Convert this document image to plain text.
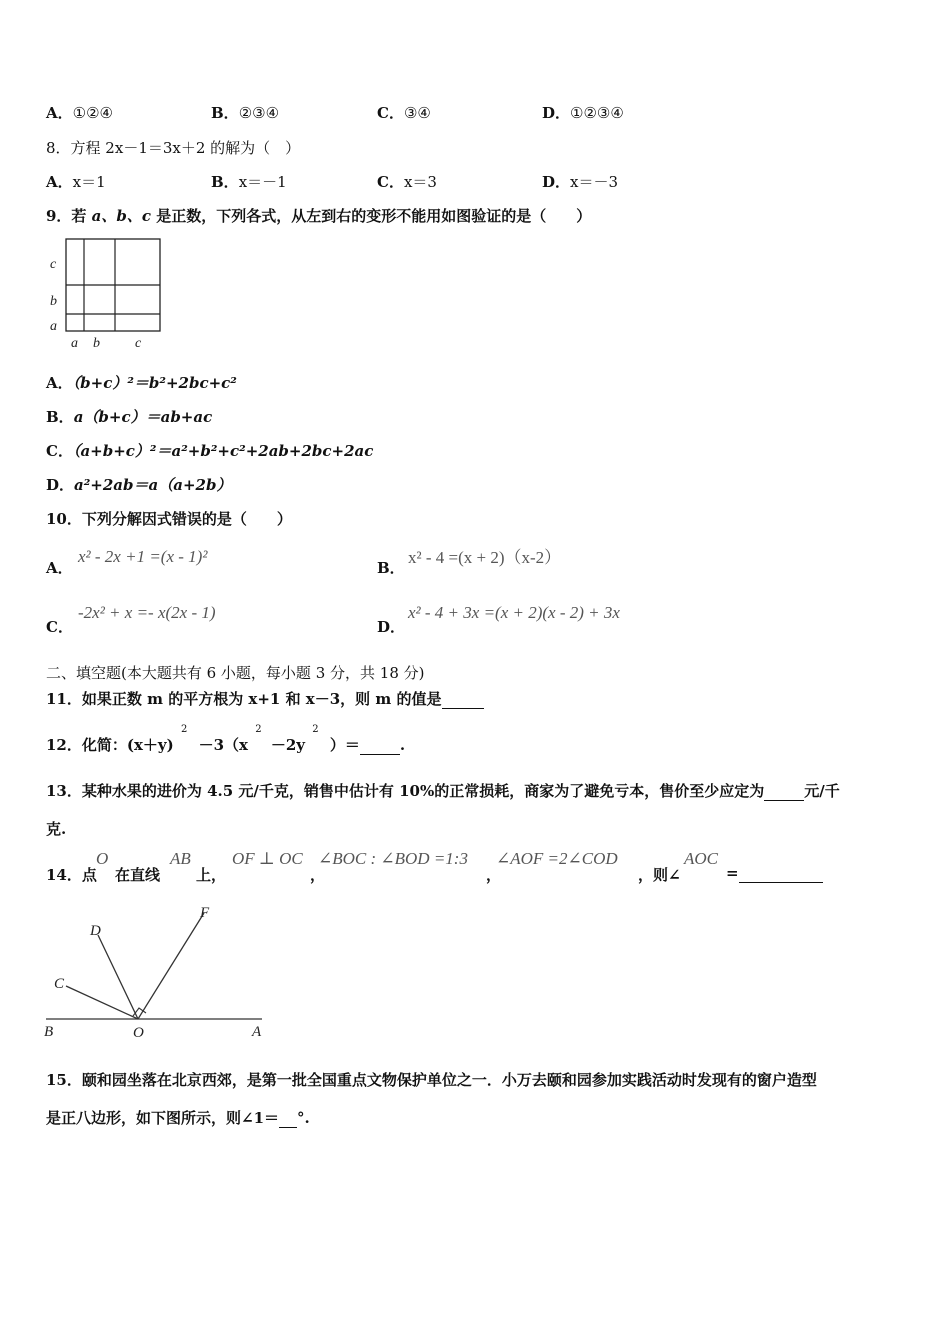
A．①②④	B．②③④	C．③④	D．①②③④
8．方程 2x－1＝3x＋2 的解为（　）
A．x＝1	B．x＝－1	C．x＝3	D．x＝－3
9．若 a、b、c 是正数，下列各式，从左到右的变形不能用如图验证的是（　　）
c
b
a
a b	c
A．（b+c）²＝b²+2bc+c²
B．a（b+c）＝ab+ac
C．（a+b+c）²＝a²+b²+c²+2ab+2bc+2ac
D．a²+2ab＝a（a+2b）
10．下列分解因式错误的是（　　）
A．
x² - 2x +1 =(x - 1)²
B．
x² - 4 =(x + 2)（x-2）
C．
-2x² + x =- x(2x - 1)
D．
x² - 4 + 3x =(x + 2)(x - 2) + 3x
二、填空题(本大题共有 6 小题，每小题 3 分，共 18 分)
11．如果正数 m 的平方根为 x+1 和 x－3，则 m 的值是
12．化简：(x＋y) $^2$ －3（x $^2$ －2y $^2$ ）＝	.
13．某种水果的进价为 4.5 元/千克，销售中估计有 10%的正常损耗，商家为了避免亏本，售价至少应定为	元/千
克.
14．点
O
在直线
AB
上，
OF ⊥ OC
，
∠BOC : ∠BOD =1:3
，
∠AOF =2∠COD
，则∠
AOC
=
B	O	A
C
D
F
15．颐和园坐落在北京西郊，是第一批全国重点文物保护单位之一．小万去颐和园参加实践活动时发现有的窗户造型
是正八边形，如下图所示，则∠1＝ °.
